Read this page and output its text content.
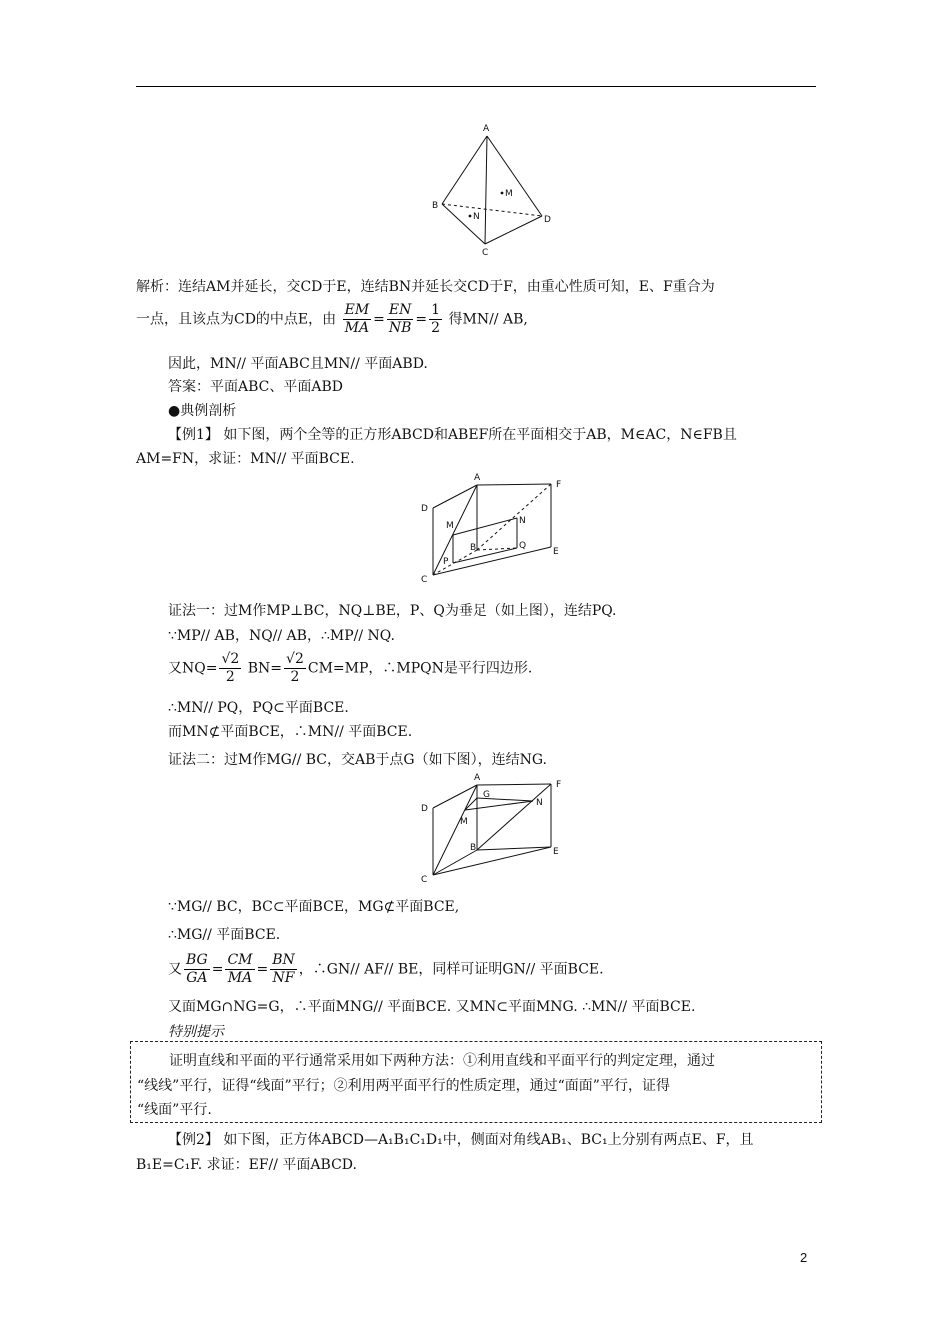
A
B
C
D
M
N
解析：连结AM并延长，交CD于E，连结BN并延长交CD于F，由重心性质可知，E、F重合为
一点，且该点为CD的中点E，由 $\frac{EM}{MA} = \frac{EN}{NB} = \frac{1}{2}$ 得MN// AB,
因此，MN// 平面ABC且MN// 平面ABD.
答案：平面ABC、平面ABD
●典例剖析
【例1】 如下图，两个全等的正方形ABCD和ABEF所在平面相交于AB，M∈AC，N∈FB且
AM=FN，求证：MN// 平面BCE.
A
D
F
E
C
M	N
P
Q
B
证法一：过M作MP⊥BC，NQ⊥BE，P、Q为垂足（如上图），连结PQ.
∵MP// AB，NQ// AB，∴MP// NQ.
又$NQ= \frac{√2}{2} BN= \frac{√2}{2} CM=MP$，∴MPQN是平行四边形.
∴MN// PQ，PQ⊂平面BCE.
而MN⊄平面BCE，∴MN// 平面BCE.
证法二：过M作MG// BC，交AB于点G（如下图），连结NG.
A
D
F
E
C
G
M
N
B
∵MG// BC，BC⊂平面BCE，MG⊄平面BCE,
∴MG// 平面BCE.
又 $\frac{BG}{GA} = \frac{CM}{MA} = \frac{BN}{NF}$ ，∴GN// AF// BE，同样可证明GN// 平面BCE.
又面MG∩NG=G，∴平面MNG// 平面BCE. 又MN⊂平面MNG. ∴MN// 平面BCE.
特别提示
证明直线和平面的平行通常采用如下两种方法：①利用直线和平面平行的判定定理，通过
“线线”平行，证得“线面”平行；②利用两平面平行的性质定理，通过“面面”平行，证得
“线面”平行.
【例2】 如下图，正方体ABCD—A₁B₁C₁D₁中，侧面对角线AB₁、BC₁上分别有两点E、F，且
B₁E=C₁F. 求证：EF// 平面ABCD.
2
